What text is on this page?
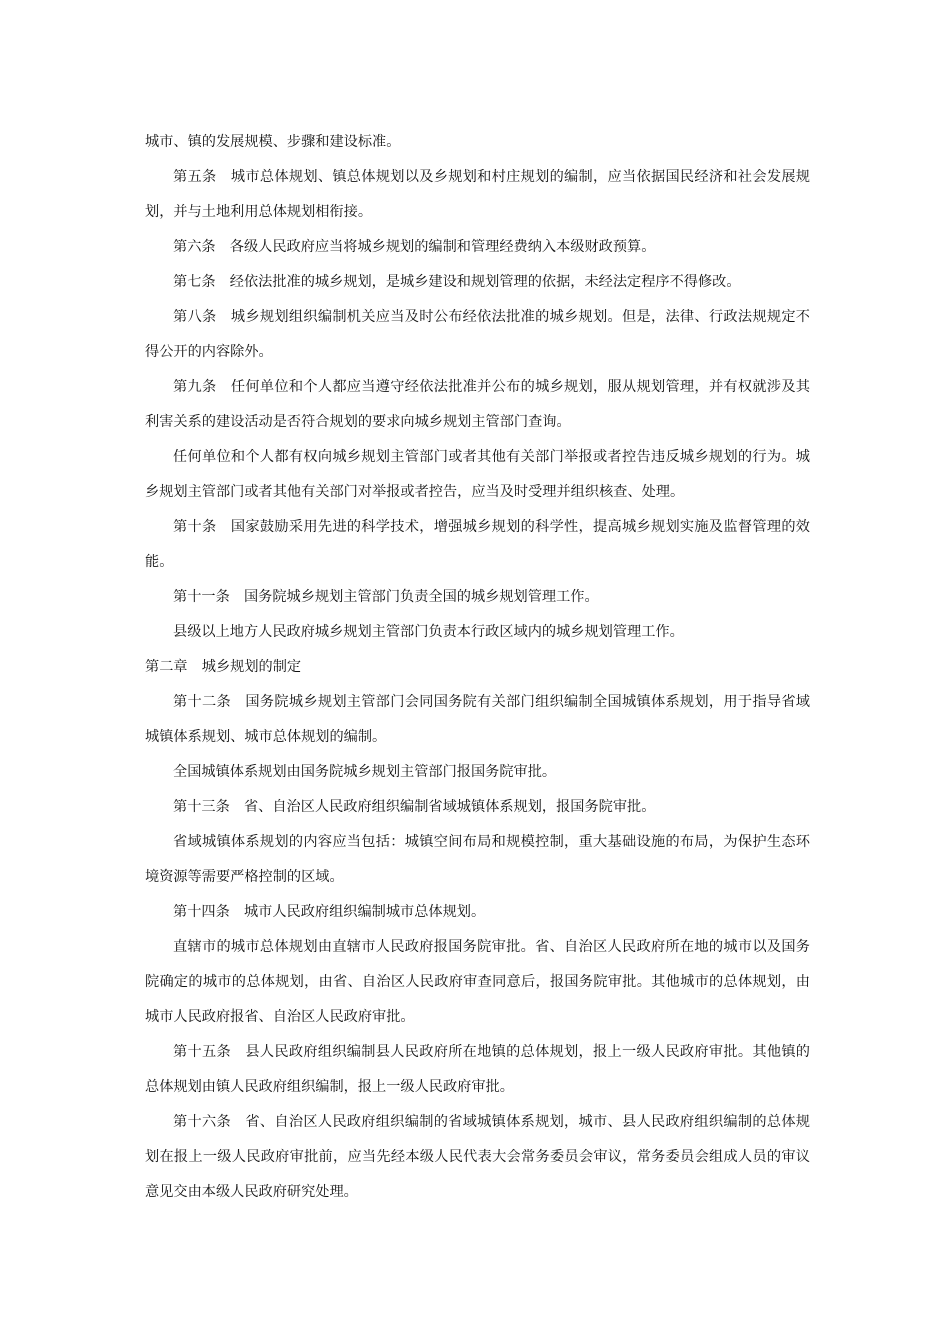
城市、镇的发展规模、步骤和建设标准。

第五条　城市总体规划、镇总体规划以及乡规划和村庄规划的编制，应当依据国民经济和社会发展规划，并与土地利用总体规划相衔接。

第六条　各级人民政府应当将城乡规划的编制和管理经费纳入本级财政预算。

第七条　经依法批准的城乡规划，是城乡建设和规划管理的依据，未经法定程序不得修改。

第八条　城乡规划组织编制机关应当及时公布经依法批准的城乡规划。但是，法律、行政法规规定不得公开的内容除外。

第九条　任何单位和个人都应当遵守经依法批准并公布的城乡规划，服从规划管理，并有权就涉及其利害关系的建设活动是否符合规划的要求向城乡规划主管部门查询。

任何单位和个人都有权向城乡规划主管部门或者其他有关部门举报或者控告违反城乡规划的行为。城乡规划主管部门或者其他有关部门对举报或者控告，应当及时受理并组织核查、处理。

第十条　国家鼓励采用先进的科学技术，增强城乡规划的科学性，提高城乡规划实施及监督管理的效能。

第十一条　国务院城乡规划主管部门负责全国的城乡规划管理工作。

县级以上地方人民政府城乡规划主管部门负责本行政区域内的城乡规划管理工作。

第二章　城乡规划的制定

第十二条　国务院城乡规划主管部门会同国务院有关部门组织编制全国城镇体系规划，用于指导省域城镇体系规划、城市总体规划的编制。

全国城镇体系规划由国务院城乡规划主管部门报国务院审批。

第十三条　省、自治区人民政府组织编制省域城镇体系规划，报国务院审批。

省域城镇体系规划的内容应当包括：城镇空间布局和规模控制，重大基础设施的布局，为保护生态环境资源等需要严格控制的区域。

第十四条　城市人民政府组织编制城市总体规划。

直辖市的城市总体规划由直辖市人民政府报国务院审批。省、自治区人民政府所在地的城市以及国务院确定的城市的总体规划，由省、自治区人民政府审查同意后，报国务院审批。其他城市的总体规划，由城市人民政府报省、自治区人民政府审批。

第十五条　县人民政府组织编制县人民政府所在地镇的总体规划，报上一级人民政府审批。其他镇的总体规划由镇人民政府组织编制，报上一级人民政府审批。

第十六条　省、自治区人民政府组织编制的省域城镇体系规划，城市、县人民政府组织编制的总体规划在报上一级人民政府审批前，应当先经本级人民代表大会常务委员会审议，常务委员会组成人员的审议意见交由本级人民政府研究处理。
